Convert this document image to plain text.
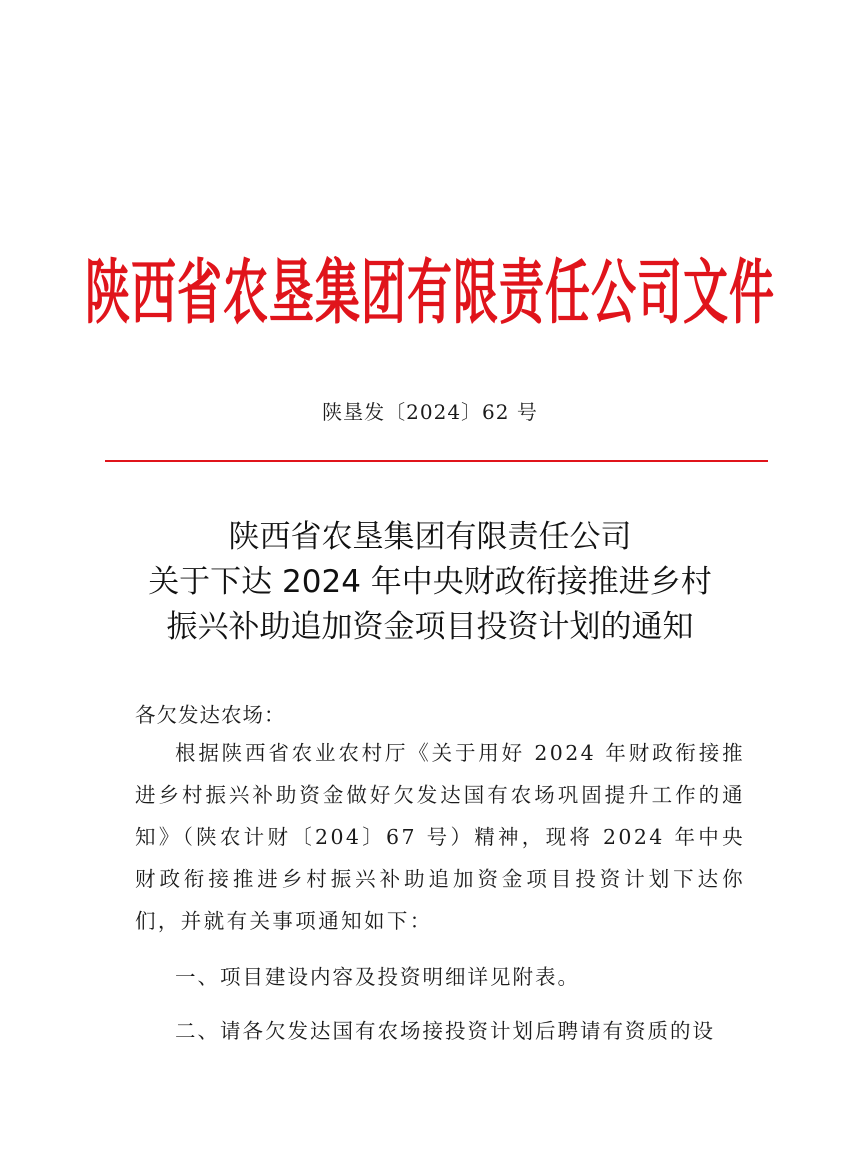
陕西省农垦集团有限责任公司文件
陕垦发〔2024〕62 号
陕西省农垦集团有限责任公司
关于下达 2024 年中央财政衔接推进乡村
振兴补助追加资金项目投资计划的通知
各欠发达农场：
根据陕西省农业农村厅《关于用好 2024 年财政衔接推进乡村振兴补助资金做好欠发达国有农场巩固提升工作的通知》（陕农计财〔204〕67 号）精神，现将 2024 年中央财政衔接推进乡村振兴补助追加资金项目投资计划下达你们，并就有关事项通知如下：
一、项目建设内容及投资明细详见附表。
二、请各欠发达国有农场接投资计划后聘请有资质的设
